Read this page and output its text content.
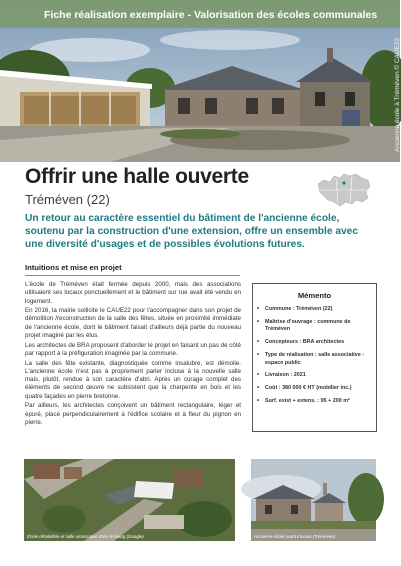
Fiche réalisation exemplaire - Valorisation des écoles communales
Ancienne école à Tréméven © CAUE22
Offrir une halle ouverte
Tréméven (22)
Un retour au caractère essentiel du bâtiment de l'ancienne école, soutenu par la construction d'une extension, offre un ensemble avec une diversité d'usages et de possibles évolutions futures.
Intuitions et mise en projet

L'école de Tréméven était fermée depuis 2000, mais des associations utilisaient ses locaux ponctuellement et le bâtiment sur rue avait été vendu en logement.

En 2016, la mairie sollicite le CAUE22 pour l'accompagner dans son projet de démolition /reconstruction de la salle des fêtes, située en proximité immédiate de l'ancienne école, dont le bâtiment faisait d'ailleurs déjà partie du nouveau projet imaginé par les élus.

Les architectes de BRA proposent d'aborder le projet en faisant un pas de côté par rapport à la préfiguration imaginée par la commune.

La salle des fête existante, diagnostiquée comme insalubre, est démolie. L'ancienne école n'est pas à proprement parler incluse à la nouvelle salle mais, plutôt, rendue à son caractère d'abri. Après un curage complet des éléments de second œuvre ne subsistent que la charpente en bois et les quatre façades en pierre bretonne.

Par ailleurs, les architectes conçoivent un bâtiment rectangulaire, léger et épuré, placé perpendiculairement à l'édifice scolaire et à fleur du pignon en pierre.

Mémento
• Commune : Tréméven (22)
• Maîtrise d'ouvrage : commune de Tréméven
• Concepteurs : BRA architectes
• Type de réalisation : salle associative - espace public
• Livraison : 2021
• Coût : 380 000 € HT (mobilier inc.)
• Surf. exist + extens. : 95 + 200 m²
École réhabilitée et salle associative dans le bourg (Google)	Ancienne école avant travaux (Tréméven)
